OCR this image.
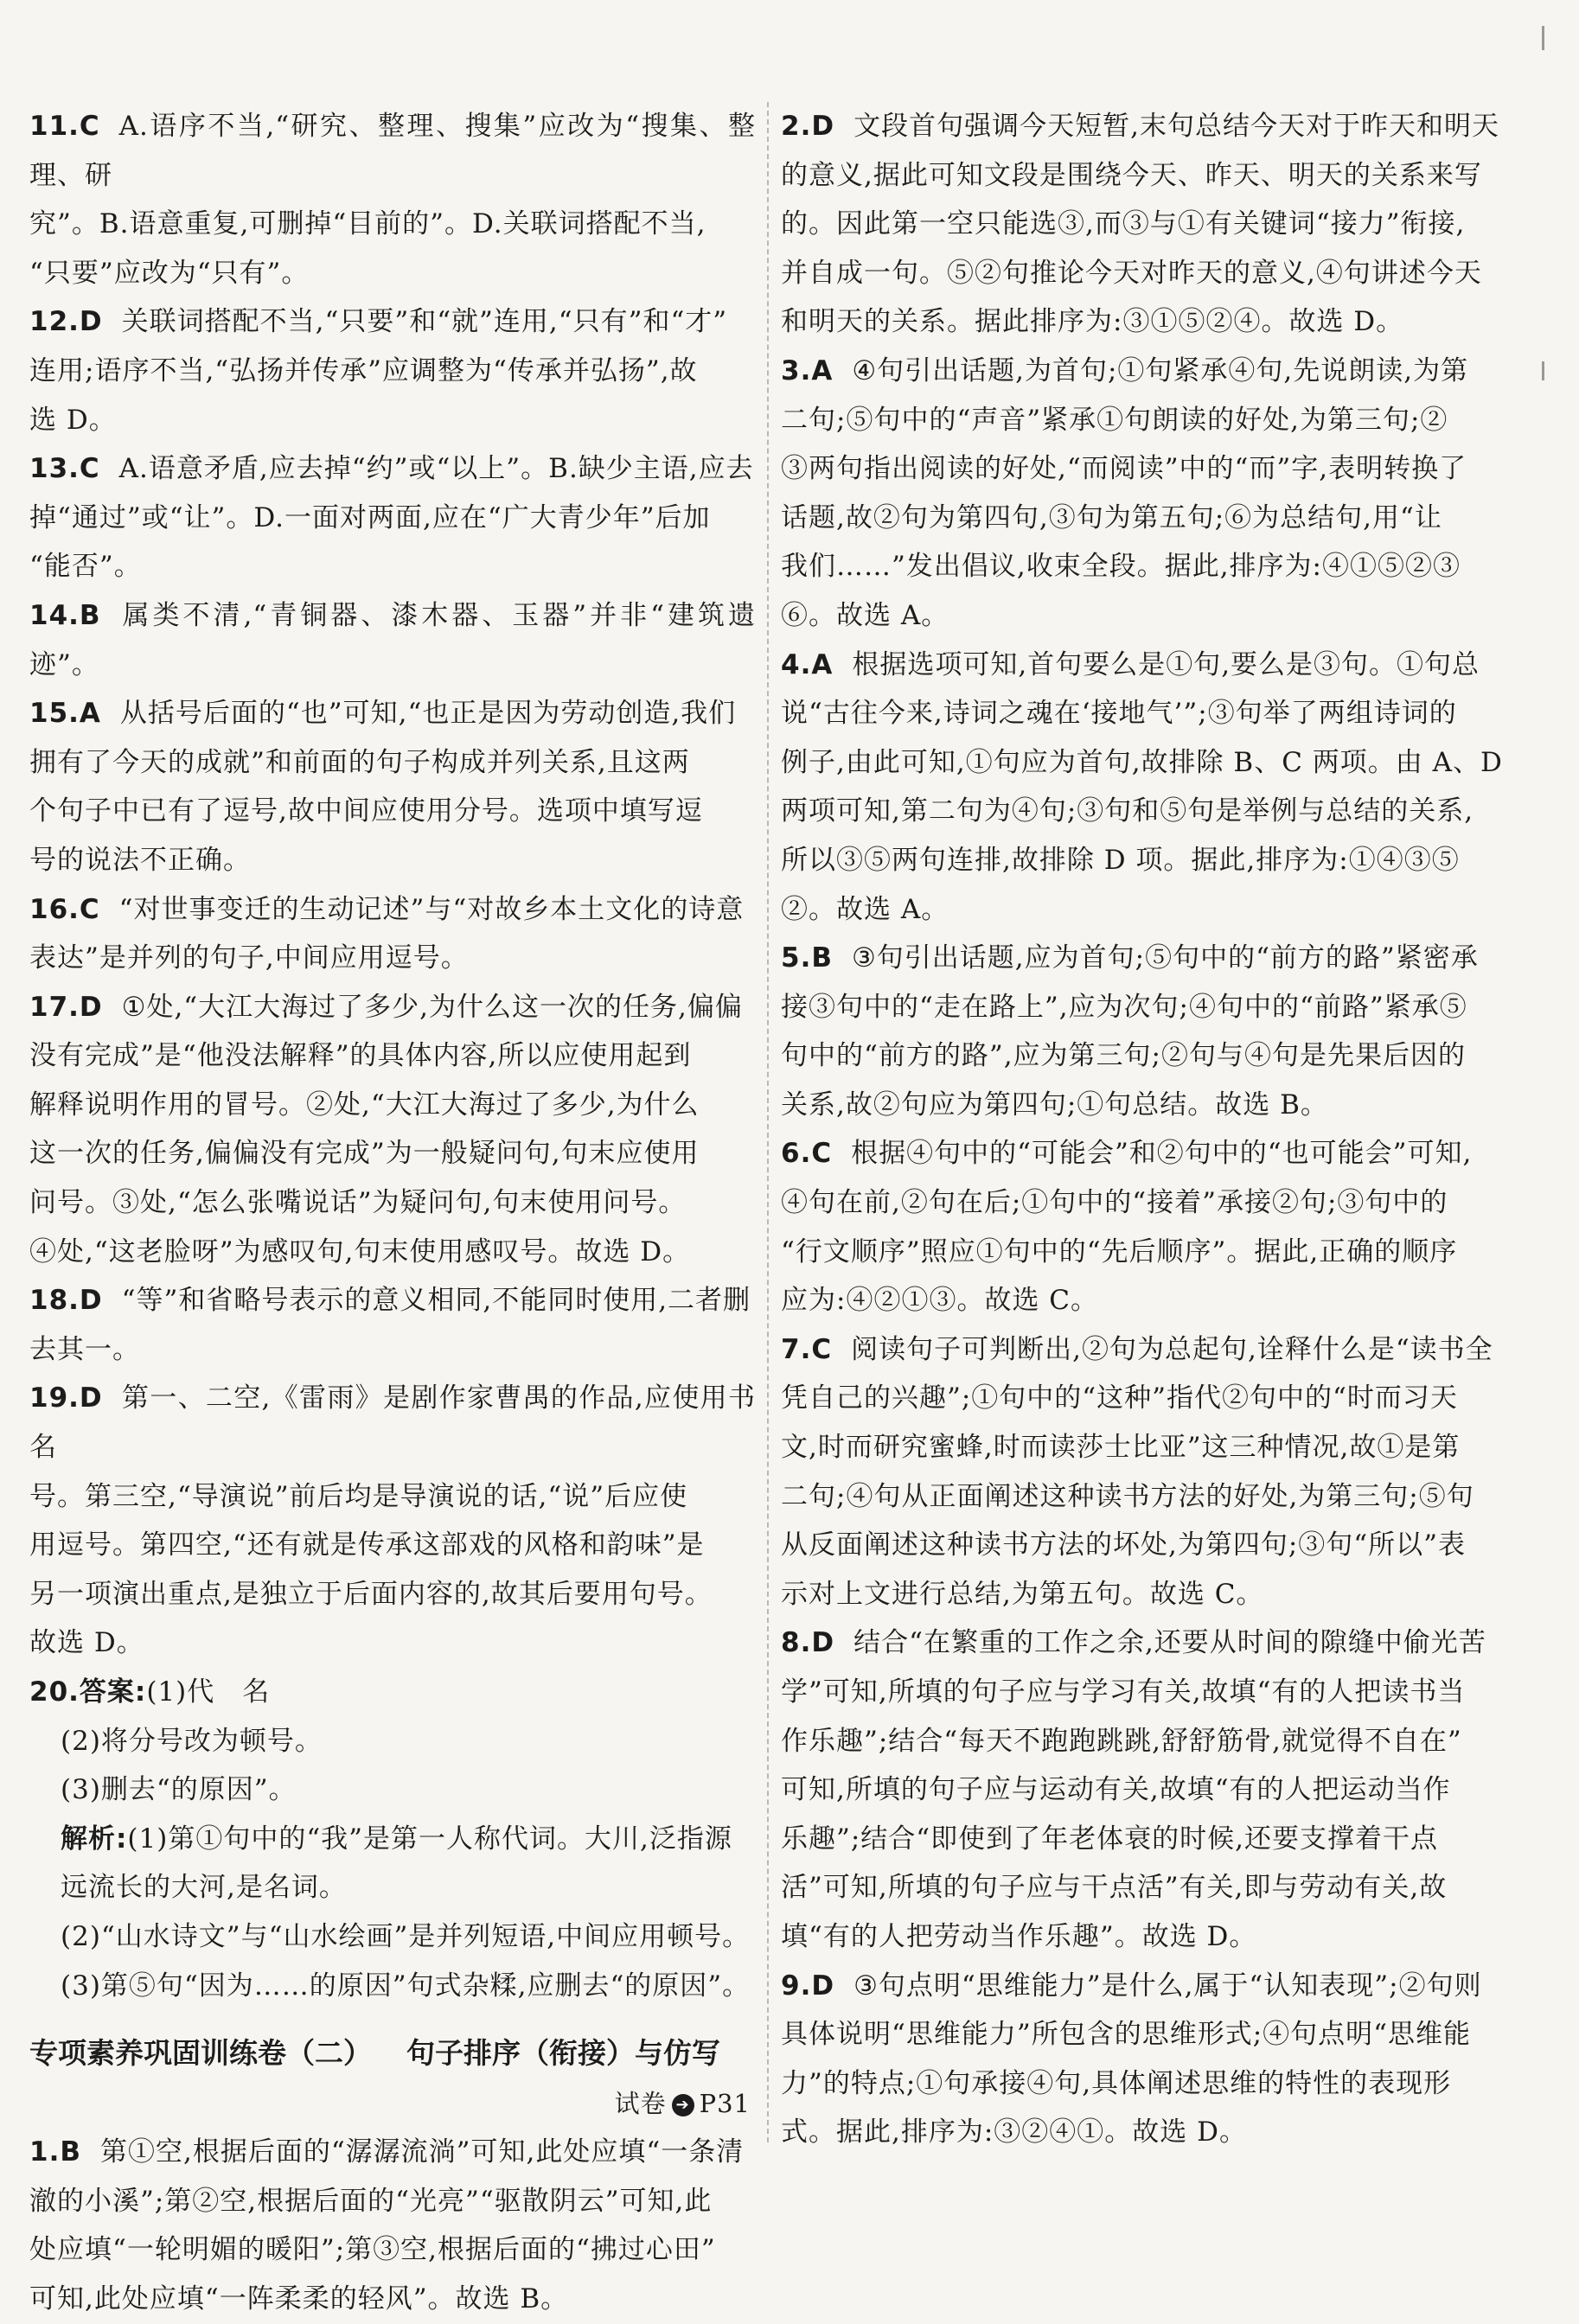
11.C A.语序不当,“研究、整理、搜集”应改为“搜集、整理、研
究”。B.语意重复,可删掉“目前的”。D.关联词搭配不当,
“只要”应改为“只有”。
12.D 关联词搭配不当,“只要”和“就”连用,“只有”和“才”
连用;语序不当,“弘扬并传承”应调整为“传承并弘扬”,故
选 D。
13.C A.语意矛盾,应去掉“约”或“以上”。B.缺少主语,应去
掉“通过”或“让”。D.一面对两面,应在“广大青少年”后加
“能否”。
14.B 属类不清,“青铜器、漆木器、玉器”并非“建筑遗迹”。
15.A 从括号后面的“也”可知,“也正是因为劳动创造,我们
拥有了今天的成就”和前面的句子构成并列关系,且这两
个句子中已有了逗号,故中间应使用分号。选项中填写逗
号的说法不正确。
16.C “对世事变迁的生动记述”与“对故乡本土文化的诗意
表达”是并列的句子,中间应用逗号。
17.D ①处,“大江大海过了多少,为什么这一次的任务,偏偏
没有完成”是“他没法解释”的具体内容,所以应使用起到
解释说明作用的冒号。②处,“大江大海过了多少,为什么
这一次的任务,偏偏没有完成”为一般疑问句,句末应使用
问号。③处,“怎么张嘴说话”为疑问句,句末使用问号。
④处,“这老脸呀”为感叹句,句末使用感叹号。故选 D。
18.D “等”和省略号表示的意义相同,不能同时使用,二者删
去其一。
19.D 第一、二空,《雷雨》是剧作家曹禺的作品,应使用书名
号。第三空,“导演说”前后均是导演说的话,“说”后应使
用逗号。第四空,“还有就是传承这部戏的风格和韵味”是
另一项演出重点,是独立于后面内容的,故其后要用句号。
故选 D。
20.答案:(1)代　名
(2)将分号改为顿号。
(3)删去“的原因”。
解析:(1)第①句中的“我”是第一人称代词。大川,泛指源
远流长的大河,是名词。
(2)“山水诗文”与“山水绘画”是并列短语,中间应用顿号。
(3)第⑤句“因为……的原因”句式杂糅,应删去“的原因”。
专项素养巩固训练卷（二） 句子排序（衔接）与仿写
试卷 ➔ P31
1.B 第①空,根据后面的“潺潺流淌”可知,此处应填“一条清
澈的小溪”;第②空,根据后面的“光亮”“驱散阴云”可知,此
处应填“一轮明媚的暖阳”;第③空,根据后面的“拂过心田”
可知,此处应填“一阵柔柔的轻风”。故选 B。
2.D 文段首句强调今天短暂,末句总结今天对于昨天和明天
的意义,据此可知文段是围绕今天、昨天、明天的关系来写
的。因此第一空只能选③,而③与①有关键词“接力”衔接,
并自成一句。⑤②句推论今天对昨天的意义,④句讲述今天
和明天的关系。据此排序为:③①⑤②④。故选 D。
3.A ④句引出话题,为首句;①句紧承④句,先说朗读,为第
二句;⑤句中的“声音”紧承①句朗读的好处,为第三句;②
③两句指出阅读的好处,“而阅读”中的“而”字,表明转换了
话题,故②句为第四句,③句为第五句;⑥为总结句,用“让
我们……”发出倡议,收束全段。据此,排序为:④①⑤②③
⑥。故选 A。
4.A 根据选项可知,首句要么是①句,要么是③句。①句总
说“古往今来,诗词之魂在‘接地气’”;③句举了两组诗词的
例子,由此可知,①句应为首句,故排除 B、C 两项。由 A、D
两项可知,第二句为④句;③句和⑤句是举例与总结的关系,
所以③⑤两句连排,故排除 D 项。据此,排序为:①④③⑤
②。故选 A。
5.B ③句引出话题,应为首句;⑤句中的“前方的路”紧密承
接③句中的“走在路上”,应为次句;④句中的“前路”紧承⑤
句中的“前方的路”,应为第三句;②句与④句是先果后因的
关系,故②句应为第四句;①句总结。故选 B。
6.C 根据④句中的“可能会”和②句中的“也可能会”可知,
④句在前,②句在后;①句中的“接着”承接②句;③句中的
“行文顺序”照应①句中的“先后顺序”。据此,正确的顺序
应为:④②①③。故选 C。
7.C 阅读句子可判断出,②句为总起句,诠释什么是“读书全
凭自己的兴趣”;①句中的“这种”指代②句中的“时而习天
文,时而研究蜜蜂,时而读莎士比亚”这三种情况,故①是第
二句;④句从正面阐述这种读书方法的好处,为第三句;⑤句
从反面阐述这种读书方法的坏处,为第四句;③句“所以”表
示对上文进行总结,为第五句。故选 C。
8.D 结合“在繁重的工作之余,还要从时间的隙缝中偷光苦
学”可知,所填的句子应与学习有关,故填“有的人把读书当
作乐趣”;结合“每天不跑跑跳跳,舒舒筋骨,就觉得不自在”
可知,所填的句子应与运动有关,故填“有的人把运动当作
乐趣”;结合“即使到了年老体衰的时候,还要支撑着干点
活”可知,所填的句子应与干点活”有关,即与劳动有关,故
填“有的人把劳动当作乐趣”。故选 D。
9.D ③句点明“思维能力”是什么,属于“认知表现”;②句则
具体说明“思维能力”所包含的思维形式;④句点明“思维能
力”的特点;①句承接④句,具体阐述思维的特性的表现形
式。据此,排序为:③②④①。故选 D。
